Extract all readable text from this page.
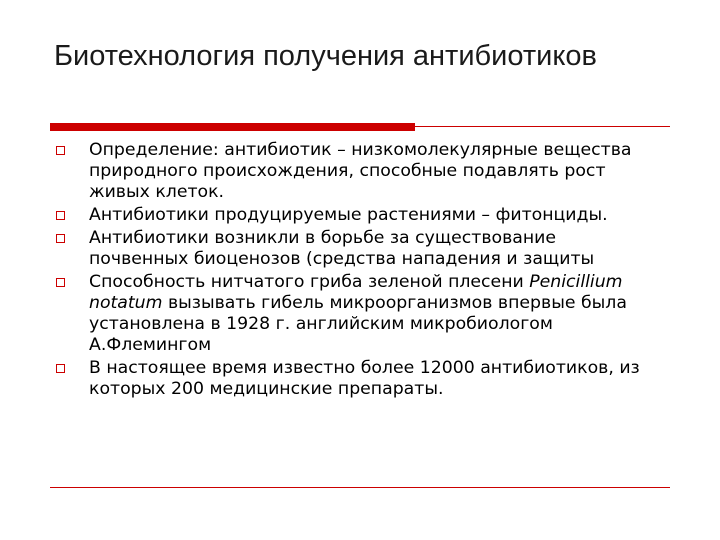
Биотехнология получения антибиотиков
Определение: антибиотик – низкомолекулярные вещества природного происхождения, способные подавлять рост живых клеток.
Антибиотики продуцируемые растениями – фитонциды.
Антибиотики возникли в борьбе за существование почвенных биоценозов (средства нападения и защиты
Способность нитчатого гриба зеленой плесени Penicillium notatum вызывать гибель микроорганизмов впервые была установлена в 1928 г. английским микробиологом А.Флемингом
В настоящее время известно более 12000 антибиотиков, из которых 200 медицинские препараты.
